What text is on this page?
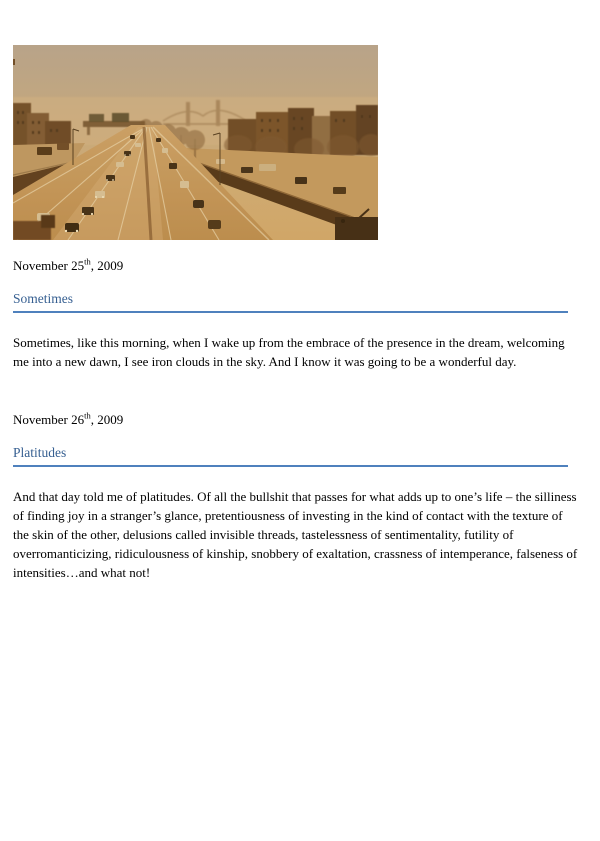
November 25th, 2009

Sometimes

Sometimes, like this morning, when I wake up from the embrace of the presence in the dream, welcoming me into a new dawn, I see iron clouds in the sky. And I know it was going to be a wonderful day.

November 26th, 2009

Platitudes

And that day told me of platitudes. Of all the bullshit that passes for what adds up to one’s life – the silliness of finding joy in a stranger’s glance, pretentiousness of investing in the kind of contact with the texture of the skin of the other, delusions called invisible threads, tastelessness of sentimentality, futility of overromanticizing, ridiculousness of kinship, snobbery of exaltation, crassness of intemperance, falseness of intensities…and what not!
